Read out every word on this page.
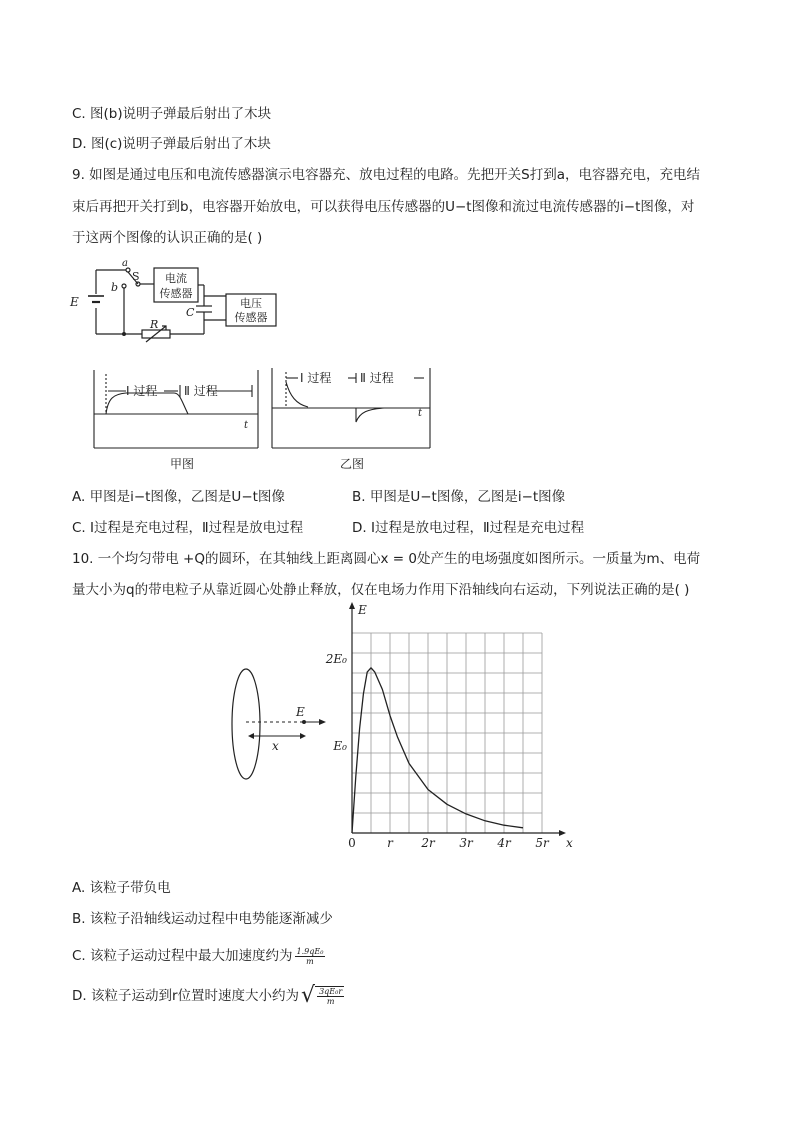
C. 图(b)说明子弹最后射出了木块
D. 图(c)说明子弹最后射出了木块
9. 如图是通过电压和电流传感器演示电容器充、放电过程的电路。先把开关S打到a，电容器充电，充电结
束后再把开关打到b，电容器开始放电，可以获得电压传感器的U−t图像和流过电流传感器的i−t图像，对
于这两个图像的认识正确的是( )
E
a
b
S
C
R
电流
传感器
电压
传感器
Ⅰ 过程 Ⅱ 过程
t
甲图
Ⅰ 过程 Ⅱ 过程
t
乙图
A. 甲图是i−t图像，乙图是U−t图像	B. 甲图是U−t图像，乙图是i−t图像
C. Ⅰ过程是充电过程，Ⅱ过程是放电过程	D. Ⅰ过程是放电过程，Ⅱ过程是充电过程
10. 一个均匀带电 +Q的圆环，在其轴线上距离圆心x = 0处产生的电场强度如图所示。一质量为m、电荷
量大小为q的带电粒子从靠近圆心处静止释放，仅在电场力作用下沿轴线向右运动，下列说法正确的是( )
E
x
x
E
0	r 2r 3r 4r 5r
E₀
2E₀
A. 该粒子带负电
B. 该粒子沿轴线运动过程中电势能逐渐减少
C. 该粒子运动过程中最大加速度约为 $\frac{\text{1.9qE₀}}{m}$
D. 该粒子运动到r位置时速度大小约为 √ $\frac{\text{3qE₀r}}{m}$
